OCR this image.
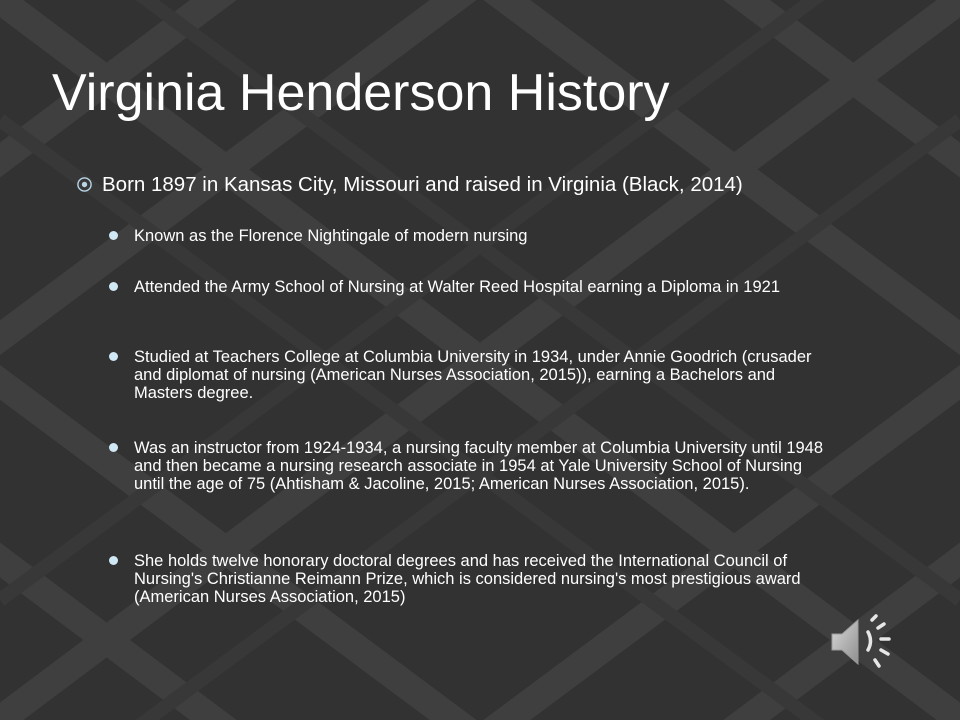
Virginia Henderson History
Born 1897 in Kansas City, Missouri and raised in Virginia (Black, 2014)
Known as the Florence Nightingale of modern nursing
Attended the Army School of Nursing at Walter Reed Hospital earning a Diploma in 1921
Studied at Teachers College at Columbia University in 1934, under Annie Goodrich (crusader and diplomat of nursing (American Nurses Association, 2015)), earning a Bachelors and Masters degree.
Was an instructor from 1924-1934, a nursing faculty member at Columbia University until 1948 and then became a nursing research associate in 1954 at Yale University School of Nursing until the age of 75 (Ahtisham & Jacoline, 2015; American Nurses Association, 2015).
She holds twelve honorary doctoral degrees and has received the International Council of Nursing's Christianne Reimann Prize, which is considered nursing's most prestigious award (American Nurses Association, 2015)
